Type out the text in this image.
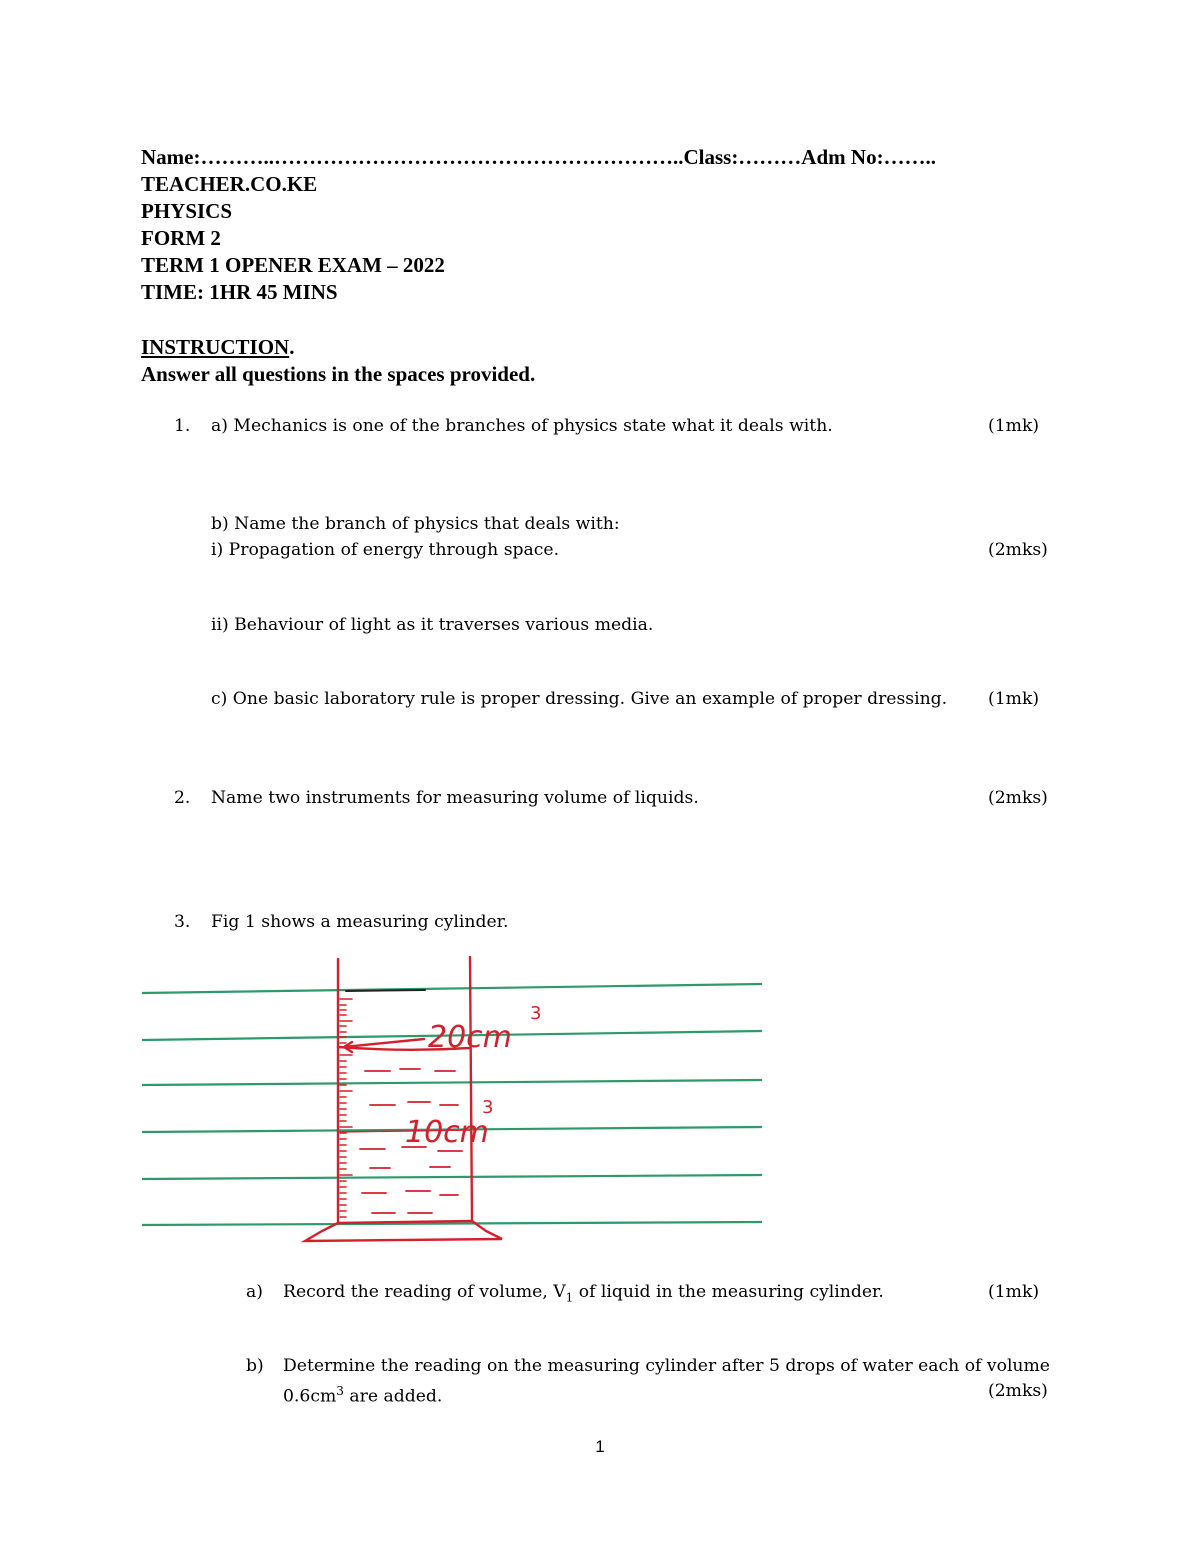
Name:………..…………………………………………………..Class:………Adm No:……..
TEACHER.CO.KE
PHYSICS
FORM 2
TERM 1 OPENER EXAM – 2022
TIME: 1HR 45 MINS
INSTRUCTION.
Answer all questions in the spaces provided.
1. a) Mechanics is one of the branches of physics state what it deals with.	(1mk)
b) Name the branch of physics that deals with:
i) Propagation of energy through space.	(2mks)
ii) Behaviour of light as it traverses various media.
c) One basic laboratory rule is proper dressing. Give an example of proper dressing. (1mk)
2. Name two instruments for measuring volume of liquids.	(2mks)
3. Fig 1 shows a measuring cylinder.
20cm
3
10cm
3
a) Record the reading of volume, $V_1$ of liquid in the measuring cylinder.	(1mk)
b) Determine the reading on the measuring cylinder after 5 drops of water each of volume
$0.6cm^3$ are added.	(2mks)
1
